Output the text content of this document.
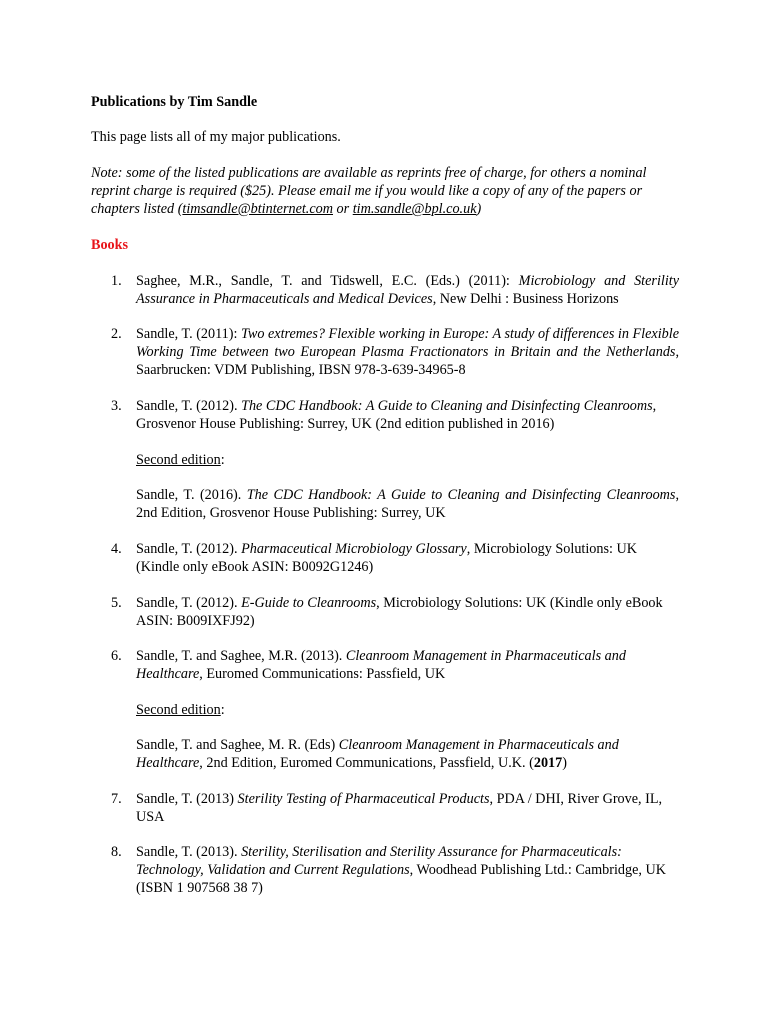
Publications by Tim Sandle

This page lists all of my major publications.

Note: some of the listed publications are available as reprints free of charge, for others a nominal reprint charge is required ($25). Please email me if you would like a copy of any of the papers or chapters listed (timsandle@btinternet.com or tim.sandle@bpl.co.uk)

Books

1.	Saghee, M.R., Sandle, T. and Tidswell, E.C. (Eds.) (2011): Microbiology and Sterility Assurance in Pharmaceuticals and Medical Devices, New Delhi : Business Horizons
2.	Sandle, T. (2011): Two extremes? Flexible working in Europe: A study of differences in Flexible Working Time between two European Plasma Fractionators in Britain and the Netherlands, Saarbrucken: VDM Publishing, IBSN 978-3-639-34965-8
3.	Sandle, T. (2012). The CDC Handbook: A Guide to Cleaning and Disinfecting Cleanrooms, Grosvenor House Publishing: Surrey, UK (2nd edition published in 2016)
Second edition:
Sandle, T. (2016). The CDC Handbook: A Guide to Cleaning and Disinfecting Cleanrooms, 2nd Edition, Grosvenor House Publishing: Surrey, UK
4.	Sandle, T. (2012). Pharmaceutical Microbiology Glossary, Microbiology Solutions: UK (Kindle only eBook ASIN: B0092G1246)
5.	Sandle, T. (2012). E-Guide to Cleanrooms, Microbiology Solutions: UK (Kindle only eBook ASIN: B009IXFJ92)
6.	Sandle, T. and Saghee, M.R. (2013). Cleanroom Management in Pharmaceuticals and Healthcare, Euromed Communications: Passfield, UK
Second edition:
Sandle, T. and Saghee, M. R. (Eds) Cleanroom Management in Pharmaceuticals and Healthcare, 2nd Edition, Euromed Communications, Passfield, U.K. (2017)
7.	Sandle, T. (2013) Sterility Testing of Pharmaceutical Products, PDA / DHI, River Grove, IL, USA
8.	Sandle, T. (2013). Sterility, Sterilisation and Sterility Assurance for Pharmaceuticals: Technology, Validation and Current Regulations, Woodhead Publishing Ltd.: Cambridge, UK (ISBN 1 907568 38 7)
